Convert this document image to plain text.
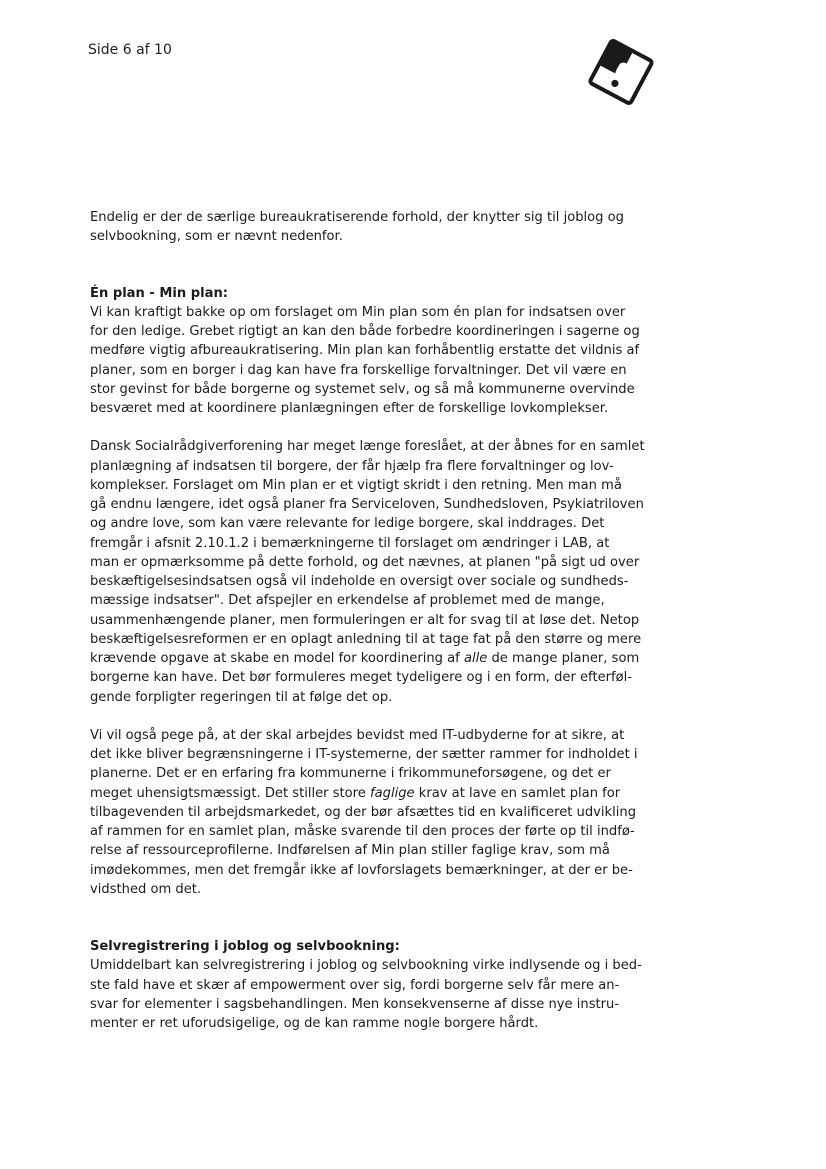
Side 6 af 10
Endelig er der de særlige bureaukratiserende forhold, der knytter sig til joblog og
selvbookning, som er nævnt nedenfor.
Én plan - Min plan:
Vi kan kraftigt bakke op om forslaget om Min plan som én plan for indsatsen over
for den ledige. Grebet rigtigt an kan den både forbedre koordineringen i sagerne og
medføre vigtig afbureaukratisering. Min plan kan forhåbentlig erstatte det vildnis af
planer, som en borger i dag kan have fra forskellige forvaltninger. Det vil være en
stor gevinst for både borgerne og systemet selv, og så må kommunerne overvinde
besværet med at koordinere planlægningen efter de forskellige lovkomplekser.
Dansk Socialrådgiverforening har meget længe foreslået, at der åbnes for en samlet
planlægning af indsatsen til borgere, der får hjælp fra flere forvaltninger og lov-
komplekser. Forslaget om Min plan er et vigtigt skridt i den retning. Men man må
gå endnu længere, idet også planer fra Serviceloven, Sundhedsloven, Psykiatriloven
og andre love, som kan være relevante for ledige borgere, skal inddrages. Det
fremgår i afsnit 2.10.1.2 i bemærkningerne til forslaget om ændringer i LAB, at
man er opmærksomme på dette forhold, og det nævnes, at planen "på sigt ud over
beskæftigelsesindsatsen også vil indeholde en oversigt over sociale og sundheds-
mæssige indsatser". Det afspejler en erkendelse af problemet med de mange,
usammenhængende planer, men formuleringen er alt for svag til at løse det. Netop
beskæftigelsesreformen er en oplagt anledning til at tage fat på den større og mere
krævende opgave at skabe en model for koordinering af alle de mange planer, som
borgerne kan have. Det bør formuleres meget tydeligere og i en form, der efterføl-
gende forpligter regeringen til at følge det op.
Vi vil også pege på, at der skal arbejdes bevidst med IT-udbyderne for at sikre, at
det ikke bliver begrænsningerne i IT-systemerne, der sætter rammer for indholdet i
planerne. Det er en erfaring fra kommunerne i frikommuneforsøgene, og det er
meget uhensigtsmæssigt. Det stiller store faglige krav at lave en samlet plan for
tilbagevenden til arbejdsmarkedet, og der bør afsættes tid en kvalificeret udvikling
af rammen for en samlet plan, måske svarende til den proces der førte op til indfø-
relse af ressourceprofilerne. Indførelsen af Min plan stiller faglige krav, som må
imødekommes, men det fremgår ikke af lovforslagets bemærkninger, at der er be-
vidsthed om det.
Selvregistrering i joblog og selvbookning:
Umiddelbart kan selvregistrering i joblog og selvbookning virke indlysende og i bed-
ste fald have et skær af empowerment over sig, fordi borgerne selv får mere an-
svar for elementer i sagsbehandlingen. Men konsekvenserne af disse nye instru-
menter er ret uforudsigelige, og de kan ramme nogle borgere hårdt.
